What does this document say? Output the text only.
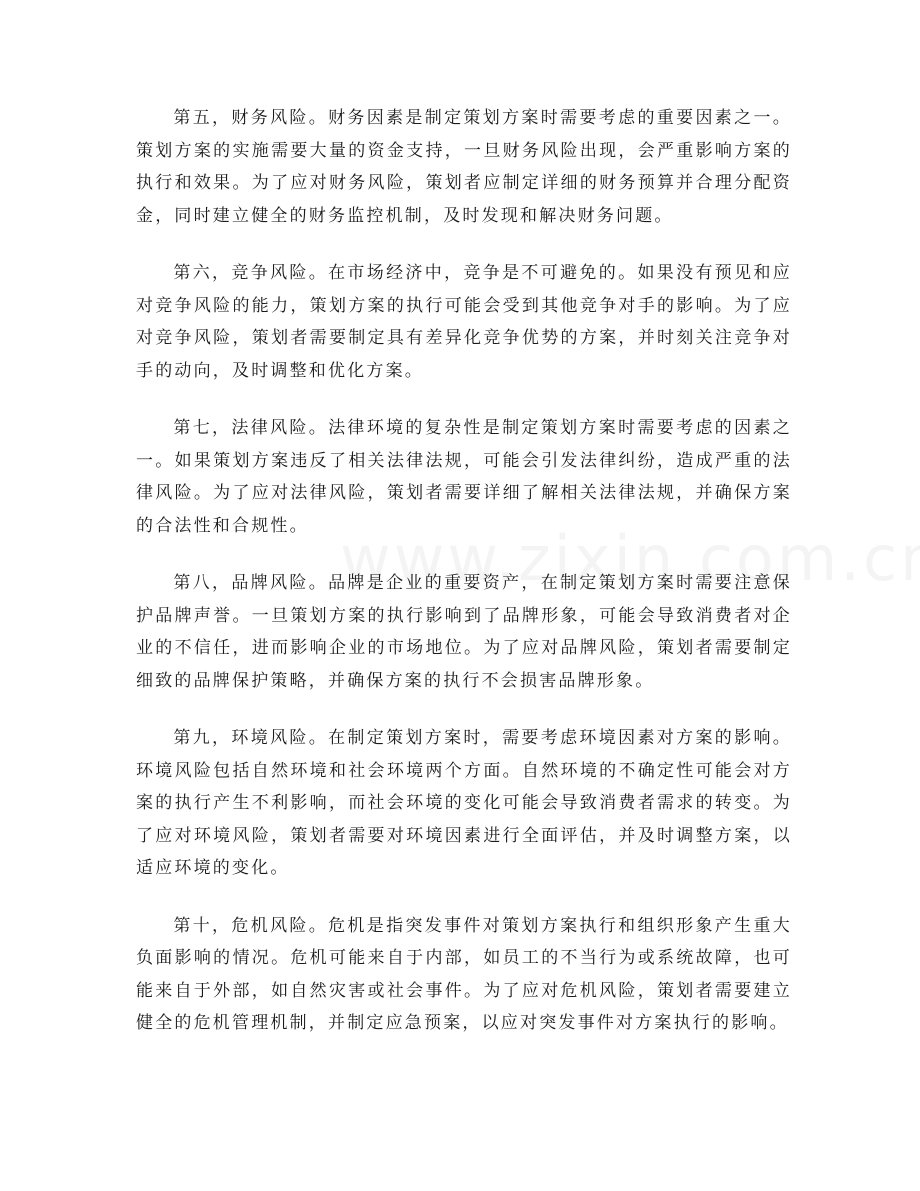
第五，财务风险。财务因素是制定策划方案时需要考虑的重要因素之一。策划方案的实施需要大量的资金支持，一旦财务风险出现，会严重影响方案的执行和效果。为了应对财务风险，策划者应制定详细的财务预算并合理分配资金，同时建立健全的财务监控机制，及时发现和解决财务问题。

第六，竞争风险。在市场经济中，竞争是不可避免的。如果没有预见和应对竞争风险的能力，策划方案的执行可能会受到其他竞争对手的影响。为了应对竞争风险，策划者需要制定具有差异化竞争优势的方案，并时刻关注竞争对手的动向，及时调整和优化方案。

第七，法律风险。法律环境的复杂性是制定策划方案时需要考虑的因素之一。如果策划方案违反了相关法律法规，可能会引发法律纠纷，造成严重的法律风险。为了应对法律风险，策划者需要详细了解相关法律法规，并确保方案的合法性和合规性。

第八，品牌风险。品牌是企业的重要资产，在制定策划方案时需要注意保护品牌声誉。一旦策划方案的执行影响到了品牌形象，可能会导致消费者对企业的不信任，进而影响企业的市场地位。为了应对品牌风险，策划者需要制定细致的品牌保护策略，并确保方案的执行不会损害品牌形象。

第九，环境风险。在制定策划方案时，需要考虑环境因素对方案的影响。环境风险包括自然环境和社会环境两个方面。自然环境的不确定性可能会对方案的执行产生不利影响，而社会环境的变化可能会导致消费者需求的转变。为了应对环境风险，策划者需要对环境因素进行全面评估，并及时调整方案，以适应环境的变化。

第十，危机风险。危机是指突发事件对策划方案执行和组织形象产生重大负面影响的情况。危机可能来自于内部，如员工的不当行为或系统故障，也可能来自于外部，如自然灾害或社会事件。为了应对危机风险，策划者需要建立健全的危机管理机制，并制定应急预案，以应对突发事件对方案执行的影响。
